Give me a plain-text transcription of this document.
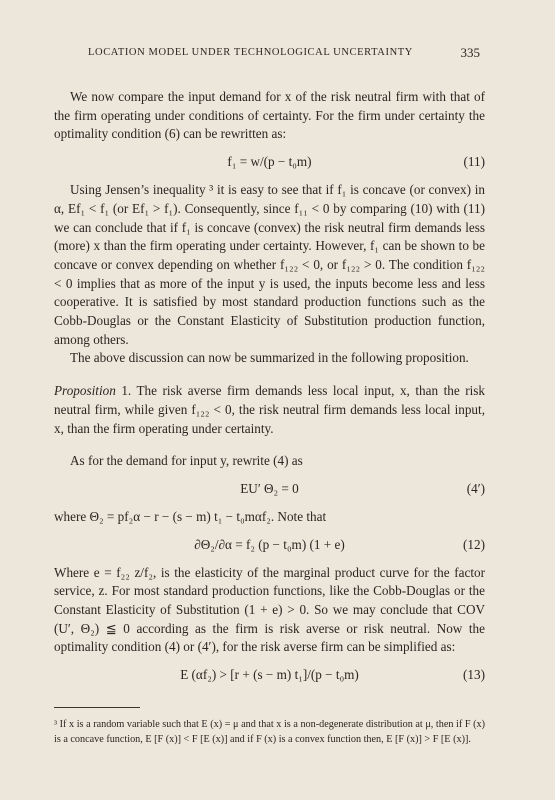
LOCATION MODEL UNDER TECHNOLOGICAL UNCERTAINTY	335

We now compare the input demand for x of the risk neutral firm with that of the firm operating under conditions of certainty. For the firm under certainty the optimality condition (6) can be rewritten as:

f₁ = w/(p − t₀m)	(11)

Using Jensen’s inequality ³ it is easy to see that if f₁ is concave (or convex) in α, Ef₁ < f₁ (or Ef₁ > f₁). Consequently, since f₁₁ < 0 by comparing (10) with (11) we can conclude that if f₁ is concave (convex) the risk neutral firm demands less (more) x than the firm operating under certainty. However, f₁ can be shown to be concave or convex depending on whether f₁₂₂ < 0, or f₁₂₂ > 0. The condition f₁₂₂ < 0 implies that as more of the input y is used, the inputs become less and less cooperative. It is satisfied by most standard production functions such as the Cobb-Douglas or the Constant Elasticity of Substitution production function, among others.

The above discussion can now be summarized in the following proposition.

Proposition 1. The risk averse firm demands less local input, x, than the risk neutral firm, while given f₁₂₂ < 0, the risk neutral firm demands less local input, x, than the firm operating under certainty.

As for the demand for input y, rewrite (4) as

EU′ Θ₂ = 0	(4′)

where Θ₂ = pf₂α − r − (s − m) t₁ − t₀mαf₂. Note that

∂Θ₂/∂α = f₂ (p − t₀m) (1 + e)	(12)

Where e = f₂₂ z/f₂, is the elasticity of the marginal product curve for the factor service, z. For most standard production functions, like the Cobb-Douglas or the Constant Elasticity of Substitution (1 + e) > 0. So we may conclude that COV (U′, Θ₂) ≦ 0 according as the firm is risk averse or risk neutral. Now the optimality condition (4) or (4′), for the risk averse firm can be simplified as:

E (αf₂) > [r + (s − m) t₁]/(p − t₀m)	(13)

³ If x is a random variable such that E (x) = μ and that x is a non-degenerate distribution at μ, then if F (x) is a concave function, E [F (x)] < F [E (x)] and if F (x) is a convex function then, E [F (x)] > F [E (x)].
